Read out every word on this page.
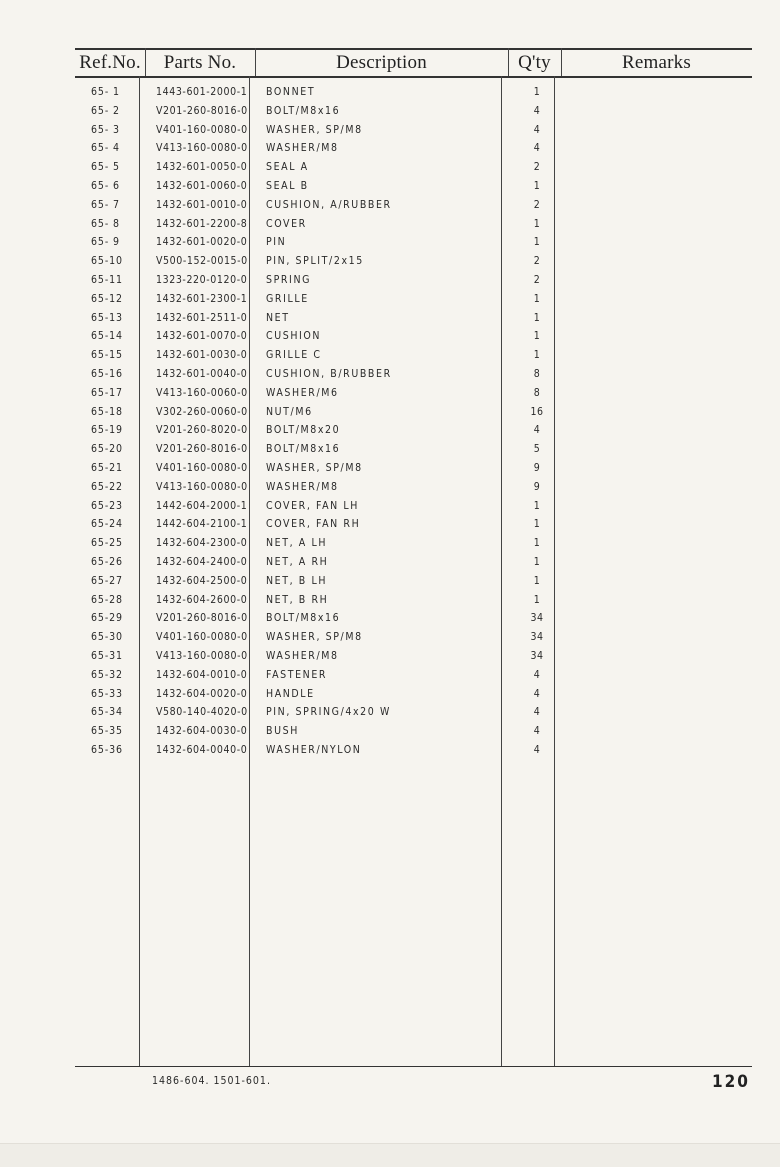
Ref.No.	Parts No.	Description	Q'ty	Remarks
65- 1	1443-601-2000-1 BONNET	1
65- 2	V201-260-8016-0 BOLT/M8x16	4
65- 3	V401-160-0080-0 WASHER, SP/M8	4
65- 4	V413-160-0080-0 WASHER/M8	4
65- 5	1432-601-0050-0 SEAL A	2
65- 6	1432-601-0060-0 SEAL B	1
65- 7	1432-601-0010-0 CUSHION, A/RUBBER	2
65- 8	1432-601-2200-8 COVER	1
65- 9	1432-601-0020-0 PIN	1
65-10	V500-152-0015-0 PIN, SPLIT/2x15	2
65-11	1323-220-0120-0 SPRING	2
65-12	1432-601-2300-1 GRILLE	1
65-13	1432-601-2511-0 NET	1
65-14	1432-601-0070-0 CUSHION	1
65-15	1432-601-0030-0 GRILLE C	1
65-16	1432-601-0040-0 CUSHION, B/RUBBER	8
65-17	V413-160-0060-0 WASHER/M6	8
65-18	V302-260-0060-0 NUT/M6	16
65-19	V201-260-8020-0 BOLT/M8x20	4
65-20	V201-260-8016-0 BOLT/M8x16	5
65-21	V401-160-0080-0 WASHER, SP/M8	9
65-22	V413-160-0080-0 WASHER/M8	9
65-23	1442-604-2000-1 COVER, FAN LH	1
65-24	1442-604-2100-1 COVER, FAN RH	1
65-25	1432-604-2300-0 NET, A LH	1
65-26	1432-604-2400-0 NET, A RH	1
65-27	1432-604-2500-0 NET, B LH	1
65-28	1432-604-2600-0 NET, B RH	1
65-29	V201-260-8016-0 BOLT/M8x16	34
65-30	V401-160-0080-0 WASHER, SP/M8	34
65-31	V413-160-0080-0 WASHER/M8	34
65-32	1432-604-0010-0 FASTENER	4
65-33	1432-604-0020-0 HANDLE	4
65-34	V580-140-4020-0 PIN, SPRING/4x20 W	4
65-35	1432-604-0030-0 BUSH	4
65-36	1432-604-0040-0 WASHER/NYLON	4
1486-604. 1501-601.	120
